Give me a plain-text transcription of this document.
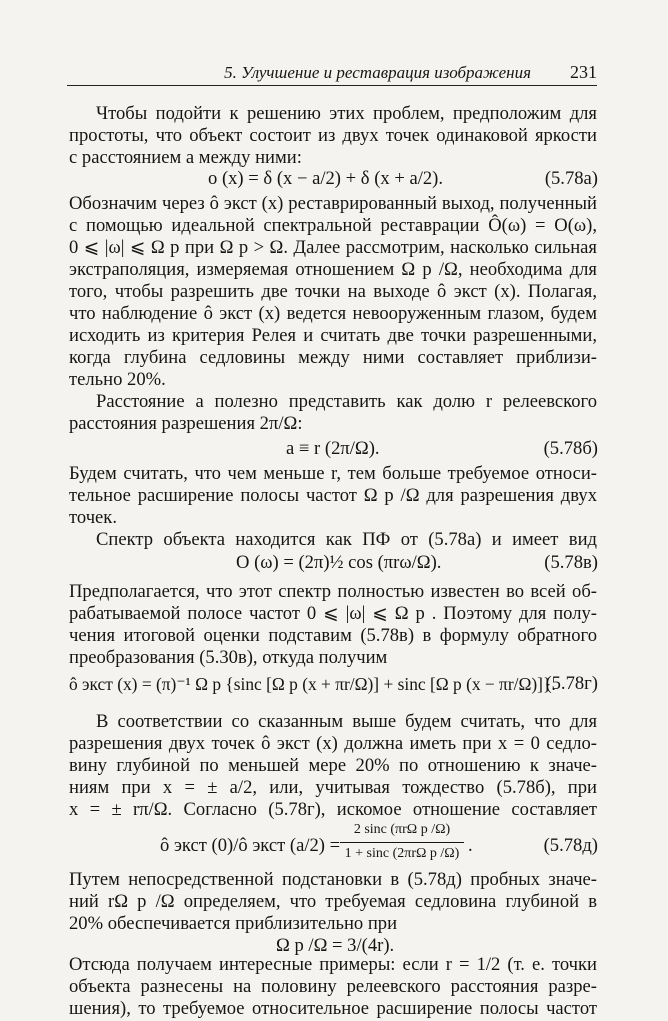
5. Улучшение и реставрация изображения 231
Чтобы подойти к решению этих проблем, предположим для
простоты, что объект состоит из двух точек одинаковой яркости
с расстоянием a между ними:
o (x) = δ (x − a/2) + δ (x + a/2).	(5.78а)
Обозначим через ô экст (x) реставрированный выход, полученный
с помощью идеальной спектральной реставрации Ô(ω) = O(ω),
0 ⩽ |ω| ⩽ Ω p при Ω p > Ω. Далее рассмотрим, насколько сильная
экстраполяция, измеряемая отношением Ω p /Ω, необходима для
того, чтобы разрешить две точки на выходе ô экст (x). Полагая,
что наблюдение ô экст (x) ведется невооруженным глазом, будем
исходить из критерия Релея и считать две точки разрешенными,
когда глубина седловины между ними составляет приблизи-
тельно 20%.
Расстояние a полезно представить как долю r релеевского
расстояния разрешения 2π/Ω:
a ≡ r (2π/Ω).	(5.78б)
Будем считать, что чем меньше r, тем больше требуемое относи-
тельное расширение полосы частот Ω p /Ω для разрешения двух
точек.
Спектр объекта находится как ПФ от (5.78а) и имеет вид
O (ω) = (2π)½ cos (πrω/Ω).	(5.78в)
Предполагается, что этот спектр полностью известен во всей об-
рабатываемой полосе частот 0 ⩽ |ω| ⩽ Ω p . Поэтому для полу-
чения итоговой оценки подставим (5.78в) в формулу обратного
преобразования (5.30в), откуда получим
ô экст (x) = (π)⁻¹ Ω p {sinc [Ω p (x + πr/Ω)] + sinc [Ω p (x − πr/Ω)]}.
(5.78г)
В соответствии со сказанным выше будем считать, что для
разрешения двух точек ô экст (x) должна иметь при x = 0 седло-
вину глубиной по меньшей мере 20% по отношению к значе-
ниям при x = ± a/2, или, учитывая тождество (5.78б), при
x = ± rπ/Ω. Согласно (5.78г), искомое отношение составляет
ô экст (0)/ô экст (a/2) =
2 sinc (πrΩ p /Ω)
1 + sinc (2πrΩ p /Ω) .	(5.78д)
Путем непосредственной подстановки в (5.78д) пробных значе-
ний rΩ p /Ω определяем, что требуемая седловина глубиной в
20% обеспечивается приблизительно при
Ω p /Ω = 3/(4r).
Отсюда получаем интересные примеры: если r = 1/2 (т. е. точки
объекта разнесены на половину релеевского расстояния разре-
шения), то требуемое относительное расширение полосы частот
